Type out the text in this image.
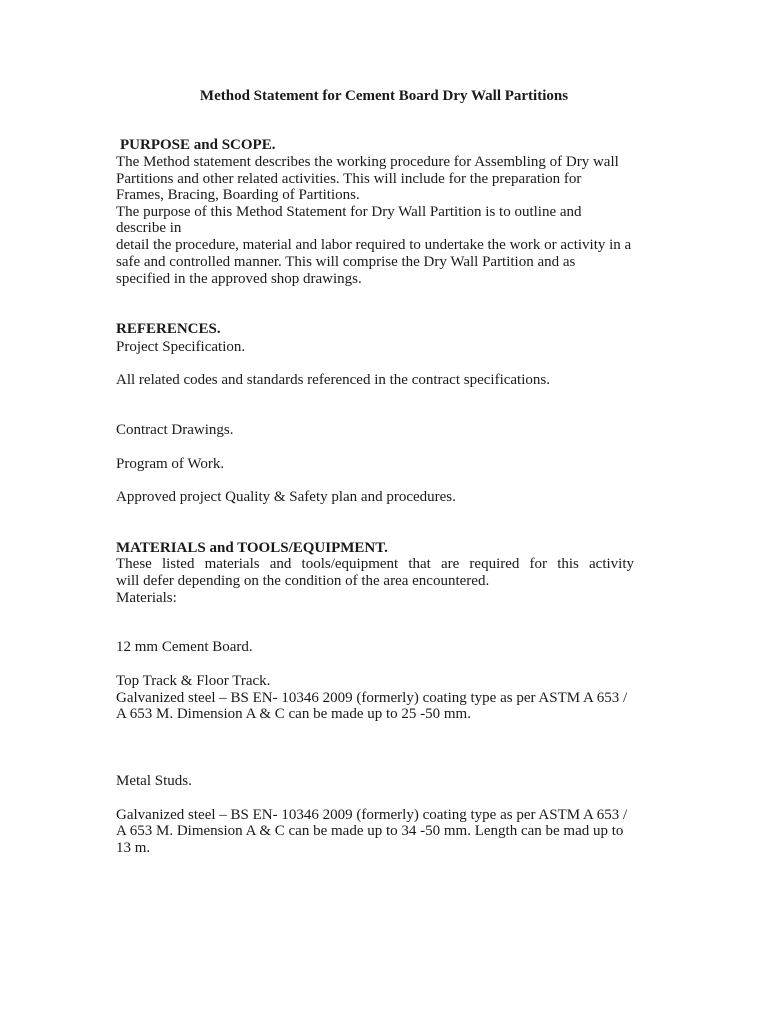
Method Statement for Cement Board Dry Wall Partitions
PURPOSE and SCOPE.
The Method statement describes the working procedure for Assembling of Dry wall
Partitions and other related activities. This will include for the preparation for
Frames, Bracing, Boarding of Partitions.
The purpose of this Method Statement for Dry Wall Partition is to outline and
describe in
detail the procedure, material and labor required to undertake the work or activity in a
safe and controlled manner. This will comprise the Dry Wall Partition and as
specified in the approved shop drawings.
REFERENCES.
Project Specification.
All related codes and standards referenced in the contract specifications.
Contract Drawings.
Program of Work.
Approved project Quality & Safety plan and procedures.
MATERIALS and TOOLS/EQUIPMENT.
These listed materials and tools/equipment that are required for this activity
will defer depending on the condition of the area encountered.
Materials:
12 mm Cement Board.
Top Track & Floor Track.
Galvanized steel – BS EN- 10346 2009 (formerly) coating type as per ASTM A 653 /
A 653 M. Dimension A & C can be made up to 25 -50 mm.
Metal Studs.
Galvanized steel – BS EN- 10346 2009 (formerly) coating type as per ASTM A 653 /
A 653 M. Dimension A & C can be made up to 34 -50 mm. Length can be mad up to
13 m.
